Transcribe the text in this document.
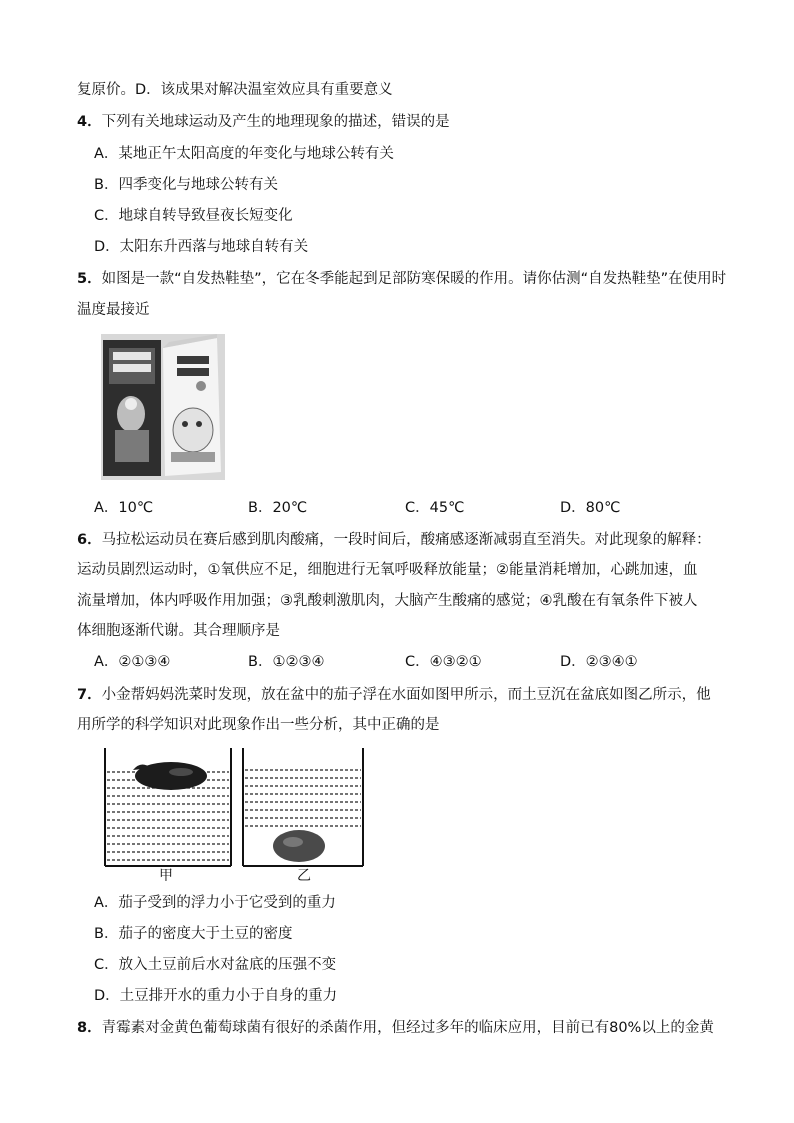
复原价。D．该成果对解决温室效应具有重要意义
4．下列有关地球运动及产生的地理现象的描述，错误的是
A．某地正午太阳高度的年变化与地球公转有关
B．四季变化与地球公转有关
C．地球自转导致昼夜长短变化
D．太阳东升西落与地球自转有关
5．如图是一款“自发热鞋垫”，它在冬季能起到足部防寒保暖的作用。请你估测“自发热鞋垫”在使用时
温度最接近
A．10℃	B．20℃	C．45℃	D．80℃
6．马拉松运动员在赛后感到肌肉酸痛，一段时间后，酸痛感逐渐减弱直至消失。对此现象的解释：
运动员剧烈运动时，①氧供应不足，细胞进行无氧呼吸释放能量；②能量消耗增加，心跳加速，血
流量增加，体内呼吸作用加强；③乳酸刺激肌肉，大脑产生酸痛的感觉；④乳酸在有氧条件下被人
体细胞逐渐代谢。其合理顺序是
A．②①③④	B．①②③④	C．④③②①	D．②③④①
7．小金帮妈妈洗菜时发现，放在盆中的茄子浮在水面如图甲所示，而土豆沉在盆底如图乙所示，他
用所学的科学知识对此现象作出一些分析，其中正确的是
甲	乙
A．茄子受到的浮力小于它受到的重力
B．茄子的密度大于土豆的密度
C．放入土豆前后水对盆底的压强不变
D．土豆排开水的重力小于自身的重力
8．青霉素对金黄色葡萄球菌有很好的杀菌作用，但经过多年的临床应用，目前已有80%以上的金黄
